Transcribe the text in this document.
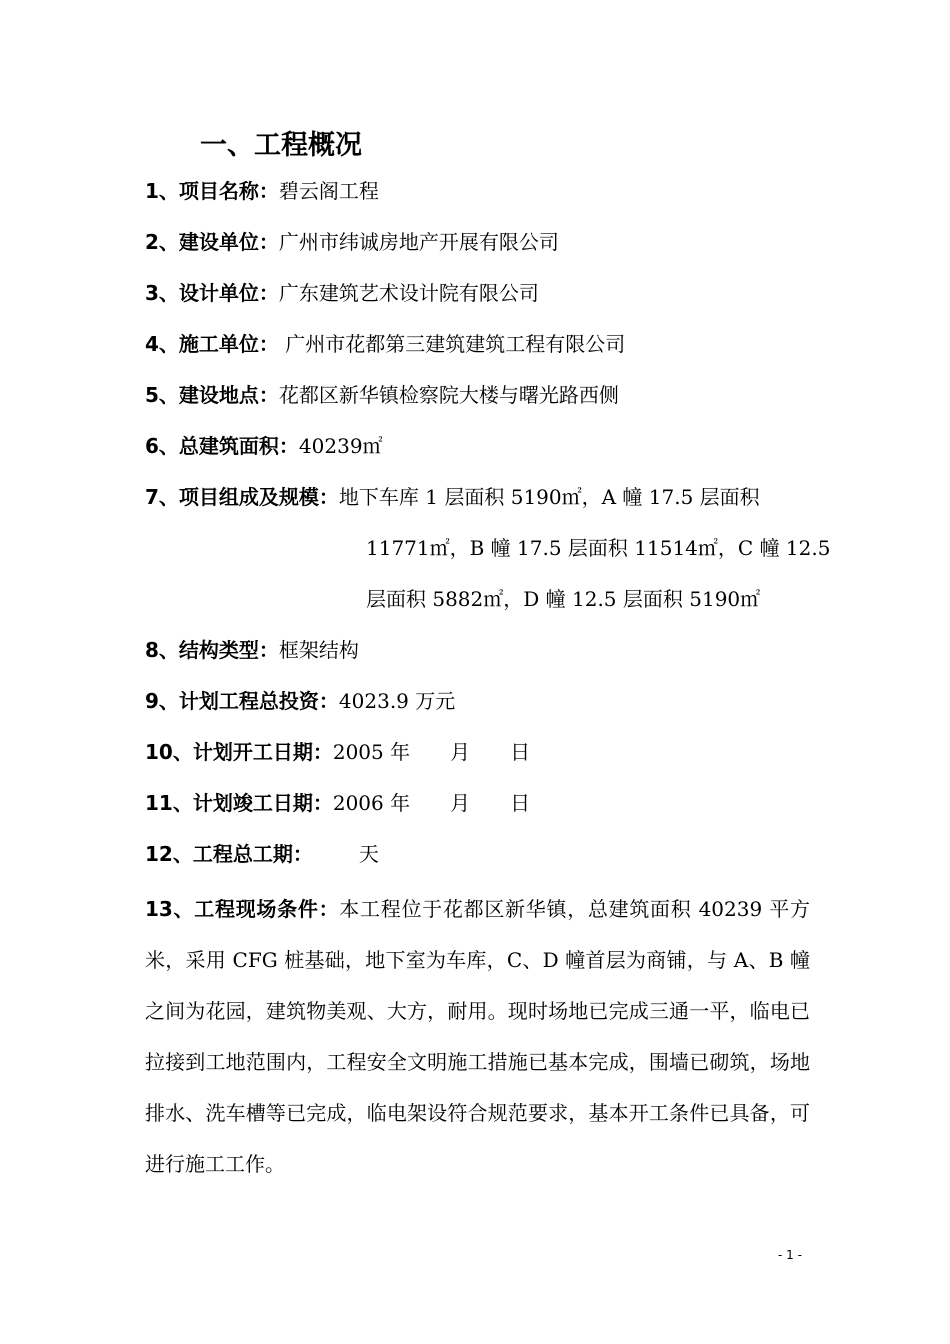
一、工程概况
1、项目名称：碧云阁工程
2、建设单位：广州市纬诚房地产开展有限公司
3、设计单位：广东建筑艺术设计院有限公司
4、施工单位： 广州市花都第三建筑建筑工程有限公司
5、建设地点：花都区新华镇检察院大楼与曙光路西侧
6、总建筑面积：40239㎡
7、项目组成及规模：地下车库 1 层面积 5190㎡，A 幢 17.5 层面积
11771㎡，B 幢 17.5 层面积 11514㎡，C 幢 12.5
层面积 5882㎡，D 幢 12.5 层面积 5190㎡
8、结构类型：框架结构
9、计划工程总投资：4023.9 万元
10、计划开工日期：2005 年 月 日
11、计划竣工日期：2006 年 月 日
12、工程总工期： 天
13、工程现场条件：本工程位于花都区新华镇，总建筑面积 40239 平方米，采用 CFG 桩基础，地下室为车库，C、D 幢首层为商铺，与 A、B 幢之间为花园，建筑物美观、大方，耐用。现时场地已完成三通一平，临电已拉接到工地范围内，工程安全文明施工措施已基本完成，围墙已砌筑，场地排水、洗车槽等已完成，临电架设符合规范要求，基本开工条件已具备，可进行施工工作。
- 1 -
